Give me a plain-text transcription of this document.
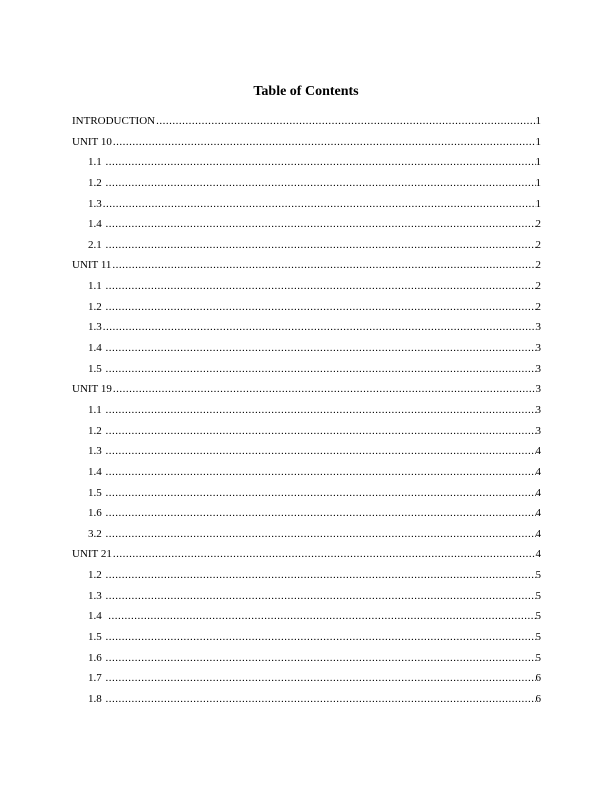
Table of Contents
INTRODUCTION .....	1
UNIT 10 .....	1
1.1 .....	1
1.2 .....	1
1.3 .....	1
1.4 .....	2
2.1 .....	2
UNIT 11 .....	2
1.1 .....	2
1.2 .....	2
1.3 .....	3
1.4 .....	3
1.5 .....	3
UNIT 19 .....	3
1.1 .....	3
1.2 .....	3
1.3 .....	4
1.4 .....	4
1.5 .....	4
1.6 .....	4
3.2 .....	4
UNIT 21 .....	4
1.2 .....	5
1.3 .....	5
1.4 .....	5
1.5 .....	5
1.6 .....	5
1.7 .....	6
1.8 .....	6
